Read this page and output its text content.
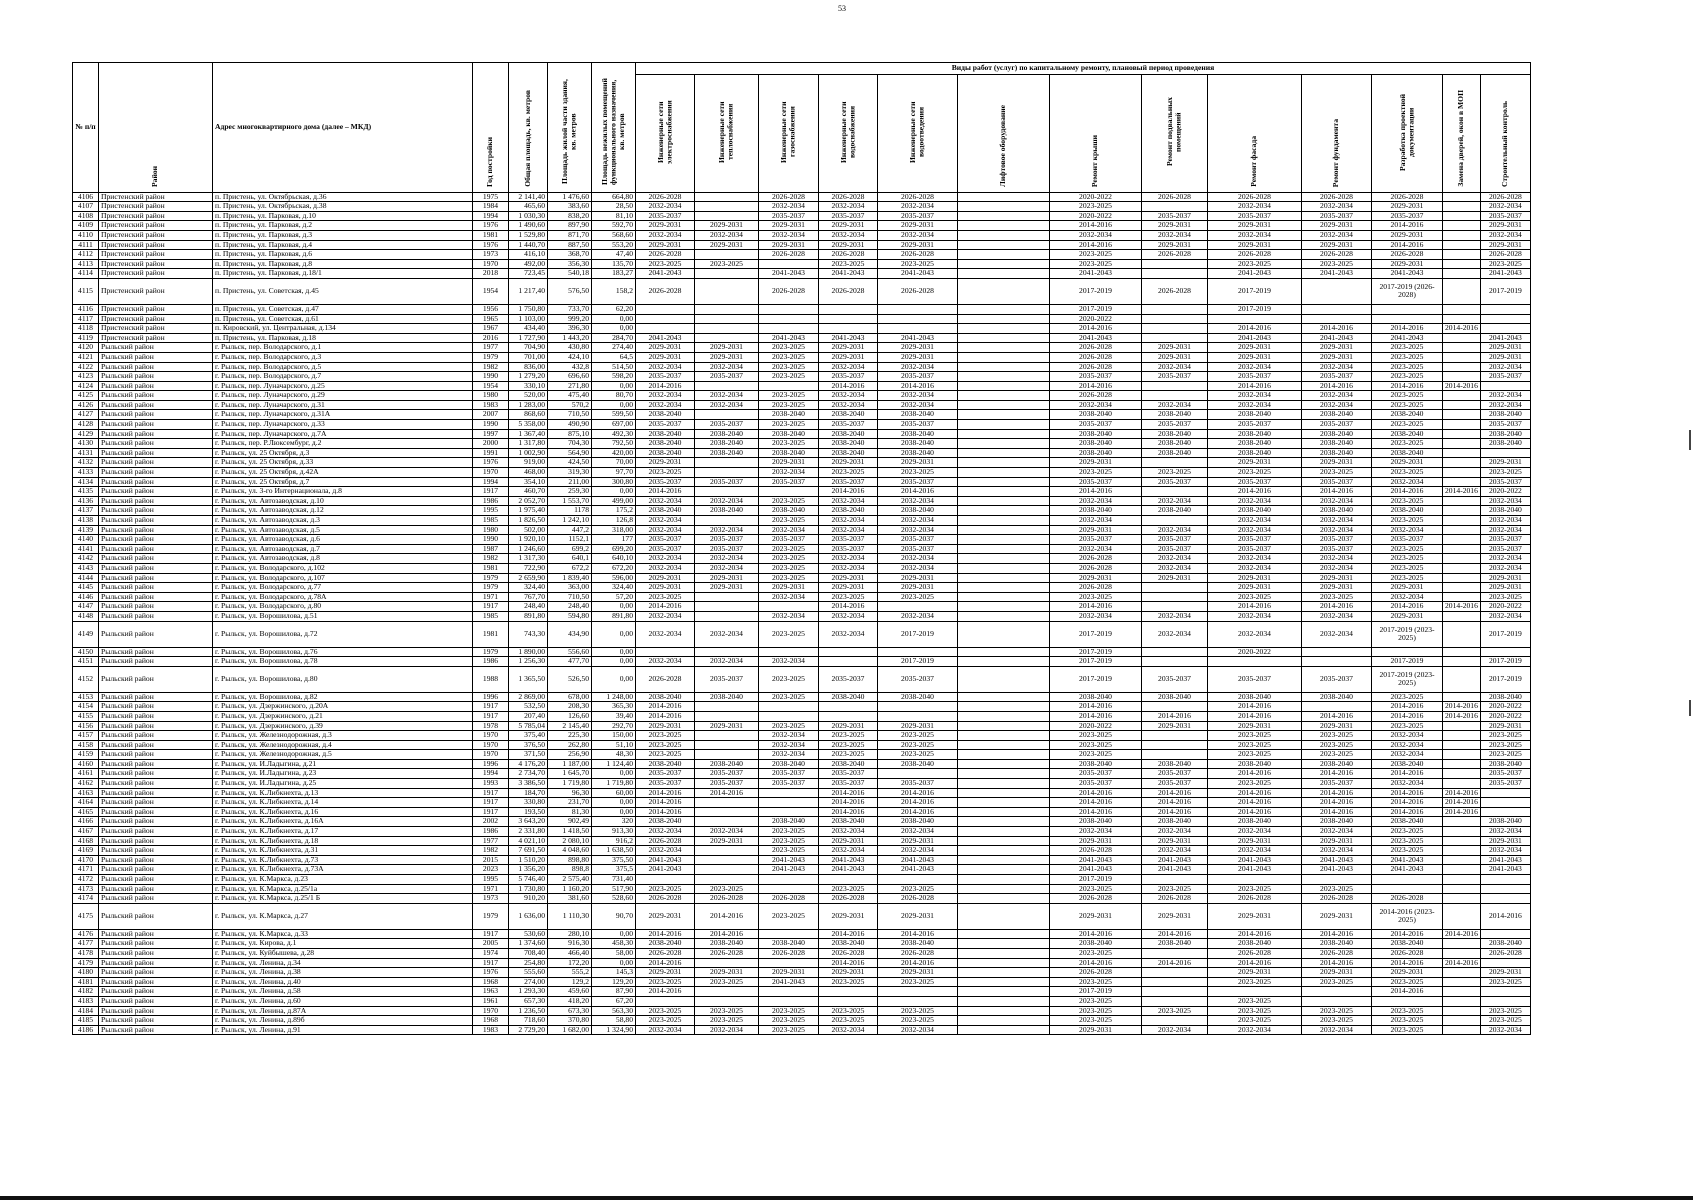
53
№ п/п	Район	Адрес многоквартирного дома (далее – МКД)	Год постройки	Общая площадь, кв. метров	Площадь жилой части здания, кв. метров	Площадь нежилых помещений функционального назначения, кв. метров	Виды работ (услуг) по капитальному ремонту, плановый период проведения												
							Инженерные сети электроснабжения	Инженерные сети теплоснабжения	Инженерные сети газоснабжения	Инженерные сети водоснабжения	Инженерные сети водоотведения	Лифтовое оборудование	Ремонт крыши	Ремонт подвальных помещений	Ремонт фасада	Ремонт фундамента	Разработка проектной документации	Замена дверей, окон в МОП	Строительный контроль
4106	Пристенский район	п. Пристень, ул. Октябрьская, д.36	1975	2 141,40	1 476,60	664,80	2026-2028		2026-2028	2026-2028	2026-2028		2020-2022	2026-2028	2026-2028	2026-2028	2026-2028		2026-2028
4107	Пристенский район	п. Пристень, ул. Октябрьская, д.38	1984	465,60	383,60	28,50	2032-2034		2032-2034	2032-2034	2032-2034		2023-2025		2032-2034	2032-2034	2029-2031		2032-2034
4108	Пристенский район	п. Пристень, ул. Парковая, д.10	1994	1 030,30	838,20	81,10	2035-2037		2035-2037	2035-2037	2035-2037		2020-2022	2035-2037	2035-2037	2035-2037	2035-2037		2035-2037
4109	Пристенский район	п. Пристень, ул. Парковая, д.2	1976	1 490,60	897,90	592,70	2029-2031	2029-2031	2029-2031	2029-2031	2029-2031		2014-2016	2029-2031	2029-2031	2029-2031	2014-2016		2029-2031
4110	Пристенский район	п. Пристень, ул. Парковая, д.3	1981	1 529,80	871,70	568,60	2032-2034	2032-2034	2032-2034	2032-2034	2032-2034		2032-2034	2032-2034	2032-2034	2032-2034	2029-2031		2032-2034
4111	Пристенский район	п. Пристень, ул. Парковая, д.4	1976	1 440,70	887,50	553,20	2029-2031	2029-2031	2029-2031	2029-2031	2029-2031		2014-2016	2029-2031	2029-2031	2029-2031	2014-2016		2029-2031
4112	Пристенский район	п. Пристень, ул. Парковая, д.6	1973	416,10	368,70	47,40	2026-2028		2026-2028	2026-2028	2026-2028		2023-2025	2026-2028	2026-2028	2026-2028	2026-2028		2026-2028
4113	Пристенский район	п. Пристень, ул. Парковая, д.8	1970	492,00	356,30	135,70	2023-2025	2023-2025		2023-2025	2023-2025		2023-2025		2023-2025	2023-2025	2029-2031		2023-2025
4114	Пристенский район	п. Пристень, ул. Парковая, д.18/1	2018	723,45	540,18	183,27	2041-2043		2041-2043	2041-2043	2041-2043		2041-2043		2041-2043	2041-2043	2041-2043		2041-2043
4115	Пристенский район	п. Пристень, ул. Советская, д.45	1954	1 217,40	576,50	158,2	2026-2028		2026-2028	2026-2028	2026-2028		2017-2019	2026-2028	2017-2019		2017-2019 (2026-2028)		2017-2019
4116	Пристенский район	п. Пристень, ул. Советская, д.47	1956	1 750,80	733,70	62,20							2017-2019		2017-2019				
4117	Пристенский район	п. Пристень, ул. Советская, д.61	1965	1 103,00	999,20	0,00							2020-2022						
4118	Пристенский район	п. Кировский, ул. Центральная, д.134	1967	434,40	396,30	0,00							2014-2016		2014-2016	2014-2016	2014-2016	2014-2016	
4119	Пристенский район	п. Пристень, ул. Парковая, д.18	2016	1 727,90	1 443,20	284,70	2041-2043		2041-2043	2041-2043	2041-2043		2041-2043		2041-2043	2041-2043	2041-2043		2041-2043
4120	Рыльский район	г. Рыльск, пер. Володарского, д.1	1977	704,90	430,80	274,40	2029-2031	2029-2031	2023-2025	2029-2031	2029-2031		2026-2028	2029-2031	2029-2031	2029-2031	2023-2025		2029-2031
4121	Рыльский район	г. Рыльск, пер. Володарского, д.3	1979	701,00	424,10	64,5	2029-2031	2029-2031	2023-2025	2029-2031	2029-2031		2026-2028	2029-2031	2029-2031	2029-2031	2023-2025		2029-2031
4122	Рыльский район	г. Рыльск, пер. Володарского, д.5	1982	836,00	432,8	514,50	2032-2034	2032-2034	2023-2025	2032-2034	2032-2034		2026-2028	2032-2034	2032-2034	2032-2034	2023-2025		2032-2034
4123	Рыльский район	г. Рыльск, пер. Володарского, д.7	1990	1 279,20	696,60	598,20	2035-2037	2035-2037	2023-2025	2035-2037	2035-2037		2035-2037	2035-2037	2035-2037	2035-2037	2023-2025		2035-2037
4124	Рыльский район	г. Рыльск, пер. Луначарского, д.25	1954	330,10	271,80	0,00	2014-2016			2014-2016	2014-2016		2014-2016		2014-2016	2014-2016	2014-2016	2014-2016	
4125	Рыльский район	г. Рыльск, пер. Луначарского, д.29	1980	520,00	475,40	80,70	2032-2034	2032-2034	2023-2025	2032-2034	2032-2034		2026-2028		2032-2034	2032-2034	2023-2025		2032-2034
4126	Рыльский район	г. Рыльск, пер. Луначарского, д.31	1983	1 283,00	570,2	0,00	2032-2034	2032-2034	2023-2025	2032-2034	2032-2034		2032-2034	2032-2034	2032-2034	2032-2034	2023-2025		2032-2034
4127	Рыльский район	г. Рыльск, пер. Луначарского, д.31А	2007	868,60	710,50	599,50	2038-2040		2038-2040	2038-2040	2038-2040		2038-2040	2038-2040	2038-2040	2038-2040	2038-2040		2038-2040
4128	Рыльский район	г. Рыльск, пер. Луначарского, д.33	1990	5 358,00	490,90	697,00	2035-2037	2035-2037	2023-2025	2035-2037	2035-2037		2035-2037	2035-2037	2035-2037	2035-2037	2023-2025		2035-2037
4129	Рыльский район	г. Рыльск, пер. Луначарского, д.7А	1997	1 367,40	875,10	492,30	2038-2040	2038-2040	2038-2040	2038-2040	2038-2040		2038-2040	2038-2040	2038-2040	2038-2040	2038-2040		2038-2040
4130	Рыльский район	г. Рыльск, пер. Р.Люксембург, д.2	2000	1 317,80	704,30	792,50	2038-2040	2038-2040	2023-2025	2038-2040	2038-2040		2038-2040	2038-2040	2038-2040	2038-2040	2023-2025		2038-2040
4131	Рыльский район	г. Рыльск, ул. 25 Октября, д.3	1991	1 002,90	564,90	420,00	2038-2040	2038-2040	2038-2040	2038-2040	2038-2040		2038-2040	2038-2040	2038-2040	2038-2040	2038-2040		
4132	Рыльский район	г. Рыльск, ул. 25 Октября, д.33	1976	919,00	424,50	70,00	2029-2031		2029-2031	2029-2031	2029-2031		2029-2031		2029-2031	2029-2031	2029-2031		2029-2031
4133	Рыльский район	г. Рыльск, ул. 25 Октября, д.42А	1970	468,00	319,30	97,70	2023-2025		2032-2034	2023-2025	2023-2025		2023-2025	2023-2025	2023-2025	2023-2025	2023-2025		2023-2025
4134	Рыльский район	г. Рыльск, ул. 25 Октября, д.7	1994	354,10	211,00	300,80	2035-2037	2035-2037	2035-2037	2035-2037	2035-2037		2035-2037	2035-2037	2035-2037	2035-2037	2032-2034		2035-2037
4135	Рыльский район	г. Рыльск, ул. 3-го Интернационала, д.8	1917	460,70	259,30	0,00	2014-2016			2014-2016	2014-2016		2014-2016		2014-2016	2014-2016	2014-2016	2014-2016	2020-2022
4136	Рыльский район	г. Рыльск, ул. Автозаводская, д.10	1986	2 052,70	1 553,70	499,00	2032-2034	2032-2034	2023-2025	2032-2034	2032-2034		2032-2034	2032-2034	2032-2034	2032-2034	2023-2025		2032-2034
4137	Рыльский район	г. Рыльск, ул. Автозаводская, д.12	1995	1 975,40	1178	175,2	2038-2040	2038-2040	2038-2040	2038-2040	2038-2040		2038-2040	2038-2040	2038-2040	2038-2040	2038-2040		2038-2040
4138	Рыльский район	г. Рыльск, ул. Автозаводская, д.3	1985	1 826,50	1 242,10	126,8	2032-2034		2023-2025	2032-2034	2032-2034		2032-2034		2032-2034	2032-2034	2023-2025		2032-2034
4139	Рыльский район	г. Рыльск, ул. Автозаводская, д.5	1980	502,00	447,2	318,00	2032-2034	2032-2034	2032-2034	2032-2034	2032-2034		2029-2031	2032-2034	2032-2034	2032-2034	2032-2034		2032-2034
4140	Рыльский район	г. Рыльск, ул. Автозаводская, д.6	1990	1 920,10	1152,1	177	2035-2037	2035-2037	2035-2037	2035-2037	2035-2037		2035-2037	2035-2037	2035-2037	2035-2037	2035-2037		2035-2037
4141	Рыльский район	г. Рыльск, ул. Автозаводская, д.7	1987	1 246,60	699,2	699,20	2035-2037	2035-2037	2023-2025	2035-2037	2035-2037		2032-2034	2035-2037	2035-2037	2035-2037	2023-2025		2035-2037
4142	Рыльский район	г. Рыльск, ул. Автозаводская, д.8	1982	1 317,30	640,1	640,10	2032-2034	2032-2034	2023-2025	2032-2034	2032-2034		2026-2028	2032-2034	2032-2034	2032-2034	2023-2025		2032-2034
4143	Рыльский район	г. Рыльск, ул. Володарского, д.102	1981	722,90	672,2	672,20	2032-2034	2032-2034	2023-2025	2032-2034	2032-2034		2026-2028	2032-2034	2032-2034	2032-2034	2023-2025		2032-2034
4144	Рыльский район	г. Рыльск, ул. Володарского, д.107	1979	2 659,90	1 839,40	596,00	2029-2031	2029-2031	2023-2025	2029-2031	2029-2031		2029-2031	2029-2031	2029-2031	2029-2031	2023-2025		2029-2031
4145	Рыльский район	г. Рыльск, ул. Володарского, д.77	1979	324,40	363,00	324,40	2029-2031	2029-2031	2029-2031	2029-2031	2029-2031		2026-2028		2029-2031	2029-2031	2029-2031		2029-2031
4146	Рыльский район	г. Рыльск, ул. Володарского, д.78А	1971	767,70	710,50	57,20	2023-2025		2032-2034	2023-2025	2023-2025		2023-2025		2023-2025	2023-2025	2032-2034		2023-2025
4147	Рыльский район	г. Рыльск, ул. Володарского, д.80	1917	248,40	248,40	0,00	2014-2016			2014-2016			2014-2016		2014-2016	2014-2016	2014-2016	2014-2016	2020-2022
4148	Рыльский район	г. Рыльск, ул. Ворошилова, д.51	1985	891,80	594,80	891,80	2032-2034		2032-2034	2032-2034	2032-2034		2032-2034	2032-2034	2032-2034	2032-2034	2029-2031		2032-2034
4149	Рыльский район	г. Рыльск, ул. Ворошилова, д.72	1981	743,30	434,90	0,00	2032-2034	2032-2034	2023-2025	2032-2034	2017-2019		2017-2019	2032-2034	2032-2034	2032-2034	2017-2019 (2023-2025)		2017-2019
4150	Рыльский район	г. Рыльск, ул. Ворошилова, д.76	1979	1 890,00	556,60	0,00							2017-2019		2020-2022				
4151	Рыльский район	г. Рыльск, ул. Ворошилова, д.78	1986	1 256,30	477,70	0,00	2032-2034	2032-2034	2032-2034		2017-2019		2017-2019				2017-2019		2017-2019
4152	Рыльский район	г. Рыльск, ул. Ворошилова, д.80	1988	1 365,50	526,50	0,00	2026-2028	2035-2037	2023-2025	2035-2037	2035-2037		2017-2019	2035-2037	2035-2037	2035-2037	2017-2019 (2023-2025)		2017-2019
4153	Рыльский район	г. Рыльск, ул. Ворошилова, д.82	1996	2 869,00	678,00	1 248,00	2038-2040	2038-2040	2023-2025	2038-2040	2038-2040		2038-2040	2038-2040	2038-2040	2038-2040	2023-2025		2038-2040
4154	Рыльский район	г. Рыльск, ул. Дзержинского, д.20А	1917	532,50	208,30	365,30	2014-2016						2014-2016		2014-2016		2014-2016	2014-2016	2020-2022
4155	Рыльский район	г. Рыльск, ул. Дзержинского, д.21	1917	207,40	126,60	39,40	2014-2016						2014-2016	2014-2016	2014-2016	2014-2016	2014-2016	2014-2016	2020-2022
4156	Рыльский район	г. Рыльск, ул. Дзержинского, д.39	1978	5 785,04	2 145,40	292,70	2029-2031	2029-2031	2023-2025	2029-2031	2029-2031		2020-2022	2029-2031	2029-2031	2029-2031	2023-2025		2029-2031
4157	Рыльский район	г. Рыльск, ул. Железнодорожная, д.3	1970	375,40	225,30	150,00	2023-2025		2032-2034	2023-2025	2023-2025		2023-2025		2023-2025	2023-2025	2032-2034		2023-2025
4158	Рыльский район	г. Рыльск, ул. Железнодорожная, д.4	1970	376,50	262,80	51,10	2023-2025		2032-2034	2023-2025	2023-2025		2023-2025		2023-2025	2023-2025	2032-2034		2023-2025
4159	Рыльский район	г. Рыльск, ул. Железнодорожная, д.5	1970	371,50	256,90	48,30	2023-2025		2032-2034	2023-2025	2023-2025		2023-2025		2023-2025	2023-2025	2032-2034		2023-2025
4160	Рыльский район	г. Рыльск, ул. И.Ладыгина, д.21	1996	4 176,20	1 187,00	1 124,40	2038-2040	2038-2040	2038-2040	2038-2040	2038-2040		2038-2040	2038-2040	2038-2040	2038-2040	2038-2040		2038-2040
4161	Рыльский район	г. Рыльск, ул. И.Ладыгина, д.23	1994	2 734,70	1 645,70	0,00	2035-2037	2035-2037	2035-2037	2035-2037			2035-2037	2035-2037	2014-2016	2014-2016	2014-2016		2035-2037
4162	Рыльский район	г. Рыльск, ул. И.Ладыгина, д.25	1993	3 386,50	1 719,80	1 719,80	2035-2037	2035-2037	2035-2037	2035-2037	2035-2037		2035-2037	2035-2037	2023-2025	2035-2037	2032-2034		2035-2037
4163	Рыльский район	г. Рыльск, ул. К.Либкнехта, д.13	1917	184,70	96,30	60,00	2014-2016	2014-2016		2014-2016	2014-2016		2014-2016	2014-2016	2014-2016	2014-2016	2014-2016	2014-2016	
4164	Рыльский район	г. Рыльск, ул. К.Либкнехта, д.14	1917	330,80	231,70	0,00	2014-2016			2014-2016	2014-2016		2014-2016	2014-2016	2014-2016	2014-2016	2014-2016	2014-2016	
4165	Рыльский район	г. Рыльск, ул. К.Либкнехта, д.16	1917	193,50	81,30	0,00	2014-2016			2014-2016	2014-2016		2014-2016	2014-2016	2014-2016	2014-2016	2014-2016	2014-2016	
4166	Рыльский район	г. Рыльск, ул. К.Либкнехта, д.16А	2002	3 643,20	902,49	320	2038-2040		2038-2040	2038-2040	2038-2040		2038-2040	2038-2040	2038-2040	2038-2040	2038-2040		2038-2040
4167	Рыльский район	г. Рыльск, ул. К.Либкнехта, д.17	1986	2 331,80	1 418,50	913,30	2032-2034	2032-2034	2023-2025	2032-2034	2032-2034		2032-2034	2032-2034	2032-2034	2032-2034	2023-2025		2032-2034
4168	Рыльский район	г. Рыльск, ул. К.Либкнехта, д.18	1977	4 021,10	2 080,10	916,2	2026-2028	2029-2031	2023-2025	2029-2031	2029-2031		2029-2031	2029-2031	2029-2031	2029-2031	2023-2025		2029-2031
4169	Рыльский район	г. Рыльск, ул. К.Либкнехта, д.31	1982	7 691,50	4 048,60	1 638,50	2032-2034		2023-2025	2032-2034	2032-2034		2026-2028	2032-2034	2032-2034	2032-2034	2023-2025		2032-2034
4170	Рыльский район	г. Рыльск, ул. К.Либкнехта, д.73	2015	1 510,20	898,80	375,50	2041-2043		2041-2043	2041-2043	2041-2043		2041-2043	2041-2043	2041-2043	2041-2043	2041-2043		2041-2043
4171	Рыльский район	г. Рыльск, ул. К.Либкнехта, д.73А	2023	1 356,20	898,8	375,5	2041-2043		2041-2043	2041-2043	2041-2043		2041-2043	2041-2043	2041-2043	2041-2043	2041-2043		2041-2043
4172	Рыльский район	г. Рыльск, ул. К.Маркса, д.23	1995	5 746,40	2 575,40	731,40							2017-2019						
4173	Рыльский район	г. Рыльск, ул. К.Маркса, д.25/1а	1971	1 730,80	1 160,20	517,90	2023-2025	2023-2025		2023-2025	2023-2025		2023-2025	2023-2025	2023-2025	2023-2025			
4174	Рыльский район	г. Рыльск, ул. К.Маркса, д.25/1 Б	1973	910,20	381,60	528,60	2026-2028	2026-2028	2026-2028	2026-2028	2026-2028		2026-2028	2026-2028	2026-2028	2026-2028	2026-2028		
4175	Рыльский район	г. Рыльск, ул. К.Маркса, д.27	1979	1 636,00	1 110,30	90,70	2029-2031	2014-2016	2023-2025	2029-2031	2029-2031		2029-2031	2029-2031	2029-2031	2029-2031	2014-2016 (2023-2025)		2014-2016
4176	Рыльский район	г. Рыльск, ул. К.Маркса, д.33	1917	530,60	280,10	0,00	2014-2016	2014-2016		2014-2016	2014-2016		2014-2016	2014-2016	2014-2016	2014-2016	2014-2016	2014-2016	
4177	Рыльский район	г. Рыльск, ул. Кирова, д.1	2005	1 374,60	916,30	458,30	2038-2040	2038-2040	2038-2040	2038-2040	2038-2040		2038-2040	2038-2040	2038-2040	2038-2040	2038-2040		2038-2040
4178	Рыльский район	г. Рыльск, ул. Куйбышева, д.28	1974	708,40	466,40	58,00	2026-2028	2026-2028	2026-2028	2026-2028	2026-2028		2023-2025		2026-2028	2026-2028	2026-2028		2026-2028
4179	Рыльский район	г. Рыльск, ул. Ленина, д.34	1917	254,80	172,20	0,00	2014-2016			2014-2016	2014-2016		2014-2016	2014-2016	2014-2016	2014-2016	2014-2016	2014-2016	
4180	Рыльский район	г. Рыльск, ул. Ленина, д.38	1976	555,60	555,2	145,3	2029-2031	2029-2031	2029-2031	2029-2031	2029-2031		2026-2028		2029-2031	2029-2031	2029-2031		2029-2031
4181	Рыльский район	г. Рыльск, ул. Ленина, д.40	1968	274,00	129,2	129,20	2023-2025	2023-2025	2041-2043	2023-2025	2023-2025		2023-2025		2023-2025	2023-2025	2023-2025		2023-2025
4182	Рыльский район	г. Рыльск, ул. Ленина, д.58	1963	1 293,30	459,60	87,90	2014-2016						2017-2019				2014-2016		
4183	Рыльский район	г. Рыльск, ул. Ленина, д.60	1961	657,30	418,20	67,20							2023-2025		2023-2025				
4184	Рыльский район	г. Рыльск, ул. Ленина, д.87А	1970	1 236,50	673,30	563,30	2023-2025	2023-2025	2023-2025	2023-2025	2023-2025		2023-2025	2023-2025	2023-2025	2023-2025	2023-2025		2023-2025
4185	Рыльский район	г. Рыльск, ул. Ленина, д.89б	1968	718,60	370,80	58,80	2023-2025	2023-2025	2023-2025	2023-2025	2023-2025		2023-2025		2023-2025	2023-2025	2023-2025		2023-2025
4186	Рыльский район	г. Рыльск, ул. Ленина, д.91	1983	2 729,20	1 682,00	1 324,90	2032-2034	2032-2034	2023-2025	2032-2034	2032-2034		2029-2031	2032-2034	2032-2034	2032-2034	2023-2025		2032-2034
